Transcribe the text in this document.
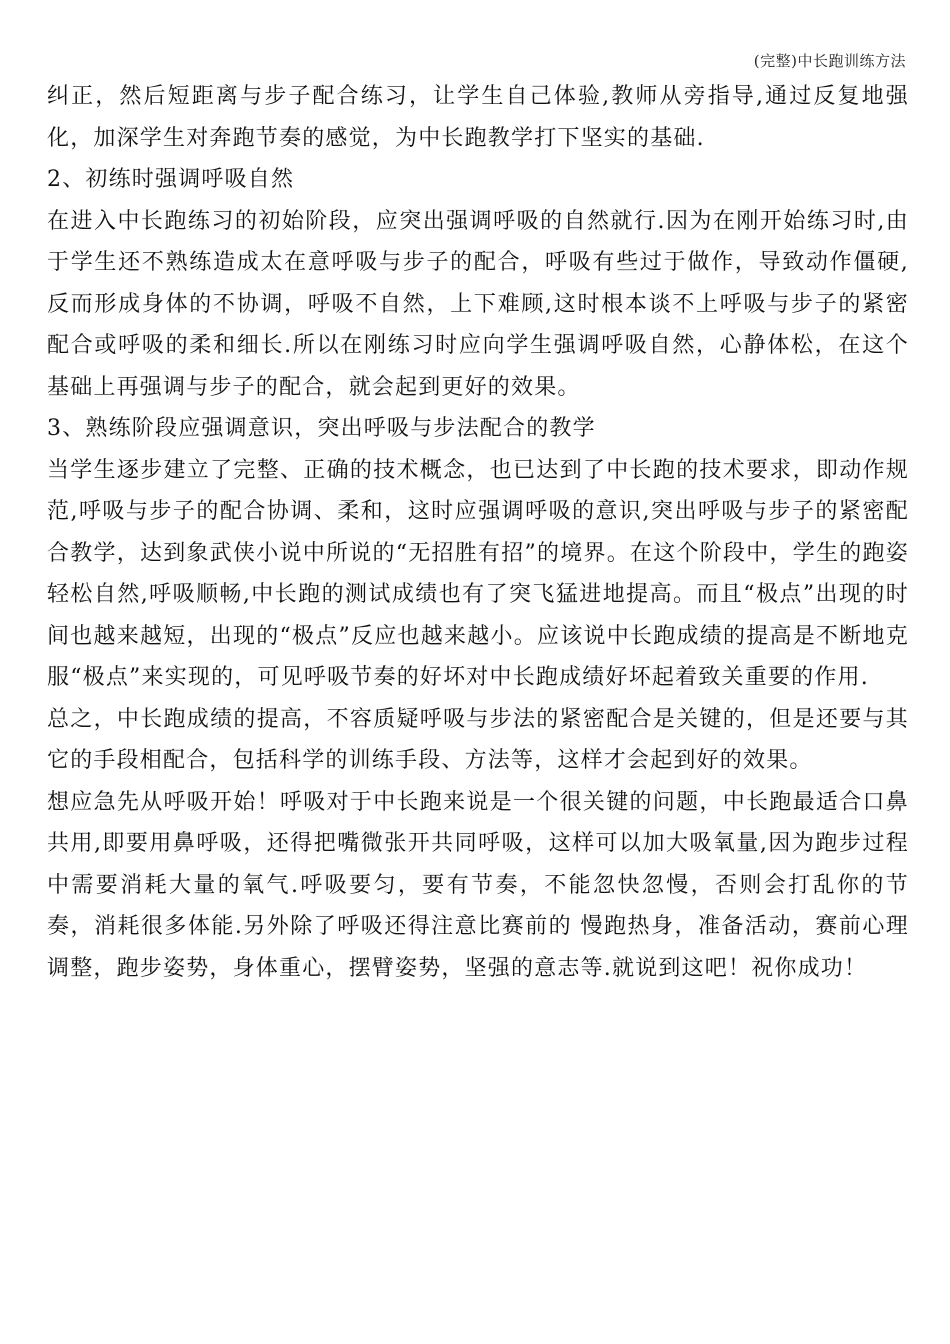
(完整)中长跑训练方法

纠正，然后短距离与步子配合练习，让学生自己体验,教师从旁指导,通过反复地强化，加深学生对奔跑节奏的感觉，为中长跑教学打下坚实的基础.

2、初练时强调呼吸自然

在进入中长跑练习的初始阶段，应突出强调呼吸的自然就行.因为在刚开始练习时,由于学生还不熟练造成太在意呼吸与步子的配合，呼吸有些过于做作，导致动作僵硬,反而形成身体的不协调，呼吸不自然，上下难顾,这时根本谈不上呼吸与步子的紧密配合或呼吸的柔和细长.所以在刚练习时应向学生强调呼吸自然，心静体松，在这个基础上再强调与步子的配合，就会起到更好的效果。

3、熟练阶段应强调意识，突出呼吸与步法配合的教学

当学生逐步建立了完整、正确的技术概念，也已达到了中长跑的技术要求，即动作规范,呼吸与步子的配合协调、柔和，这时应强调呼吸的意识,突出呼吸与步子的紧密配合教学，达到象武侠小说中所说的“无招胜有招”的境界。在这个阶段中，学生的跑姿轻松自然,呼吸顺畅,中长跑的测试成绩也有了突飞猛进地提高。而且“极点”出现的时间也越来越短，出现的“极点”反应也越来越小。应该说中长跑成绩的提高是不断地克服“极点”来实现的，可见呼吸节奏的好坏对中长跑成绩好坏起着致关重要的作用.

总之，中长跑成绩的提高，不容质疑呼吸与步法的紧密配合是关键的，但是还要与其它的手段相配合，包括科学的训练手段、方法等，这样才会起到好的效果。

想应急先从呼吸开始！呼吸对于中长跑来说是一个很关键的问题，中长跑最适合口鼻共用,即要用鼻呼吸，还得把嘴微张开共同呼吸，这样可以加大吸氧量,因为跑步过程中需要消耗大量的氧气.呼吸要匀，要有节奏，不能忽快忽慢，否则会打乱你的节奏，消耗很多体能.另外除了呼吸还得注意比赛前的 慢跑热身，准备活动，赛前心理调整，跑步姿势，身体重心，摆臂姿势，坚强的意志等.就说到这吧！祝你成功！
